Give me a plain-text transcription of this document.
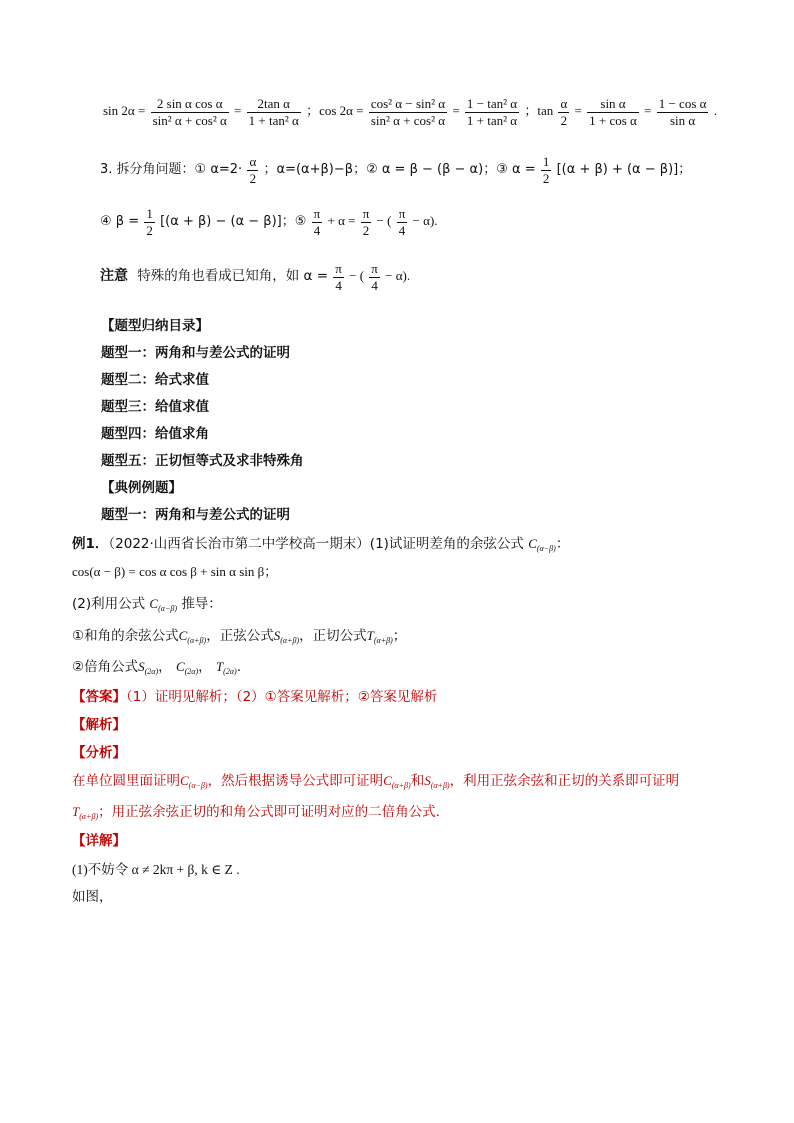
$\sin 2\alpha = \frac{\text{2 sin α cos α}}{\text{sin² α + cos² α}} = \frac{\text{2tan α}}{\text{1 + tan² α}}$ ；$\cos 2\alpha = \frac{\text{cos² α − sin² α}}{\text{sin² α + cos² α}} = \frac{\text{1 − tan² α}}{\text{1 + tan² α}}$ ；$\tan \frac{\alpha}{2} = \frac{\text{sin α}}{\text{1 + cos α}} = \frac{\text{1 − cos α}}{\text{sin α}}$ .
3. 拆分角问题：① $\alpha=2\cdot \frac{\alpha}{2}$ ；α=(α+β)−β；② α = β − (β − α)；③ $\alpha = \frac{1}{2} [(\alpha + \beta) + (\alpha - \beta)]$；
④ $\beta = \frac{1}{2} [(\alpha + \beta) - (\alpha - \beta)]$；⑤ $\frac{\pi}{4} + \alpha = \frac{\pi}{2}$ − ( $\frac{\pi}{4} - \alpha$).
注意 特殊的角也看成已知角，如 $\alpha = \frac{\pi}{4}$ − ( $\frac{\pi}{4} - \alpha$).
【题型归纳目录】
题型一：两角和与差公式的证明
题型二：给式求值
题型三：给值求值
题型四：给值求角
题型五：正切恒等式及求非特殊角
【典例例题】
题型一：两角和与差公式的证明
例1．（2022·山西省长治市第二中学校高一期末）(1)试证明差角的余弦公式 $C_{(\alpha-\beta)}$：
cos(α − β) = cos α cos β + sin α sin β；
(2)利用公式 $C_{(\alpha-\beta)}$ 推导：
①和角的余弦公式$C_{(\alpha+\beta)}$，正弦公式$S_{(\alpha+\beta)}$，正切公式$T_{(\alpha+\beta)}$；
②倍角公式$S_{(2\alpha)}$， $C_{(2\alpha)}$， $T_{(2\alpha)}$.
【答案】（1）证明见解析；（2）①答案见解析；②答案见解析
【解析】
【分析】
在单位圆里面证明$C_{(\alpha-\beta)}$，然后根据诱导公式即可证明$C_{(\alpha+\beta)}$和$S_{(\alpha+\beta)}$，利用正弦余弦和正切的关系即可证明
$T_{(\alpha+\beta)}$；用正弦余弦正切的和角公式即可证明对应的二倍角公式.
【详解】
(1)不妨令 α ≠ 2kπ + β, k ∈ Z .
如图，
